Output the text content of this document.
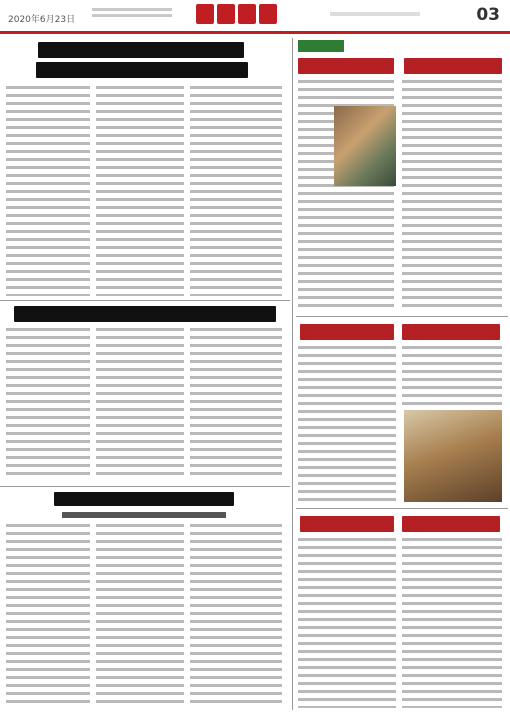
2020年6月23日	03
